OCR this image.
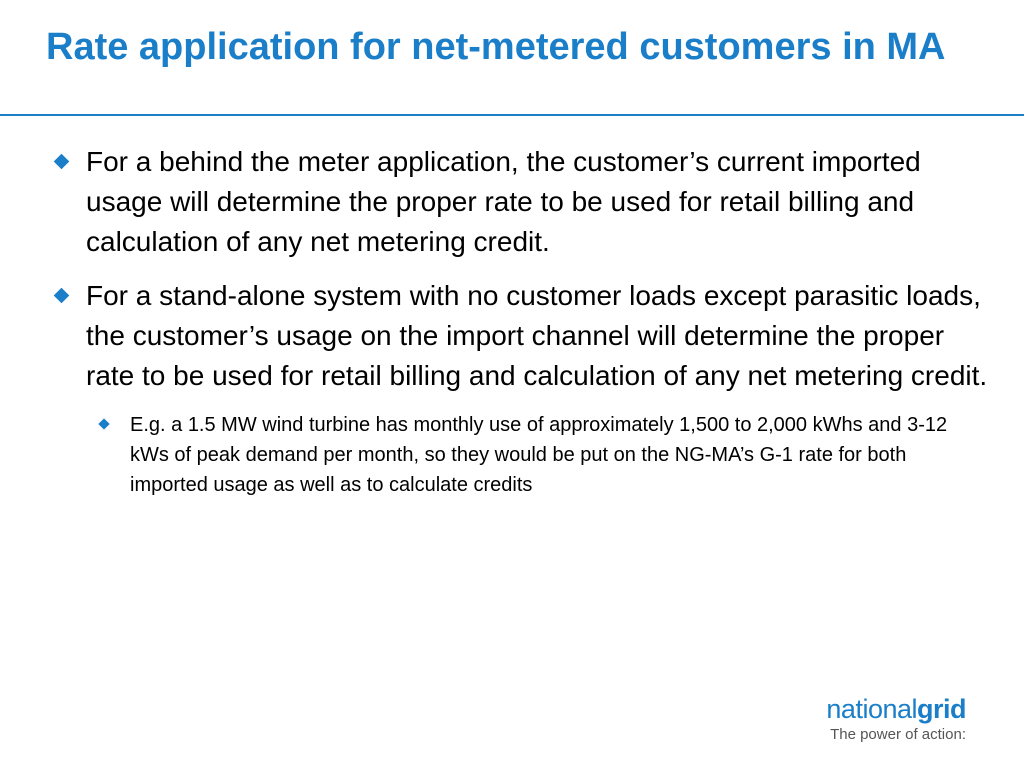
Rate application for net-metered customers in MA
For a behind the meter application, the customer’s current imported usage will determine the proper rate to be used for retail billing and calculation of any net metering credit.
For a stand-alone system with no customer loads except parasitic loads, the customer’s usage on the import channel will determine the proper rate to be used for retail billing and calculation of any net metering credit.
E.g. a 1.5 MW wind turbine has monthly use of approximately 1,500 to 2,000 kWhs and 3-12 kWs of peak demand per month, so they would be put on the NG-MA’s G-1 rate for both imported usage as well as to calculate credits
nationalgrid
The power of action:
